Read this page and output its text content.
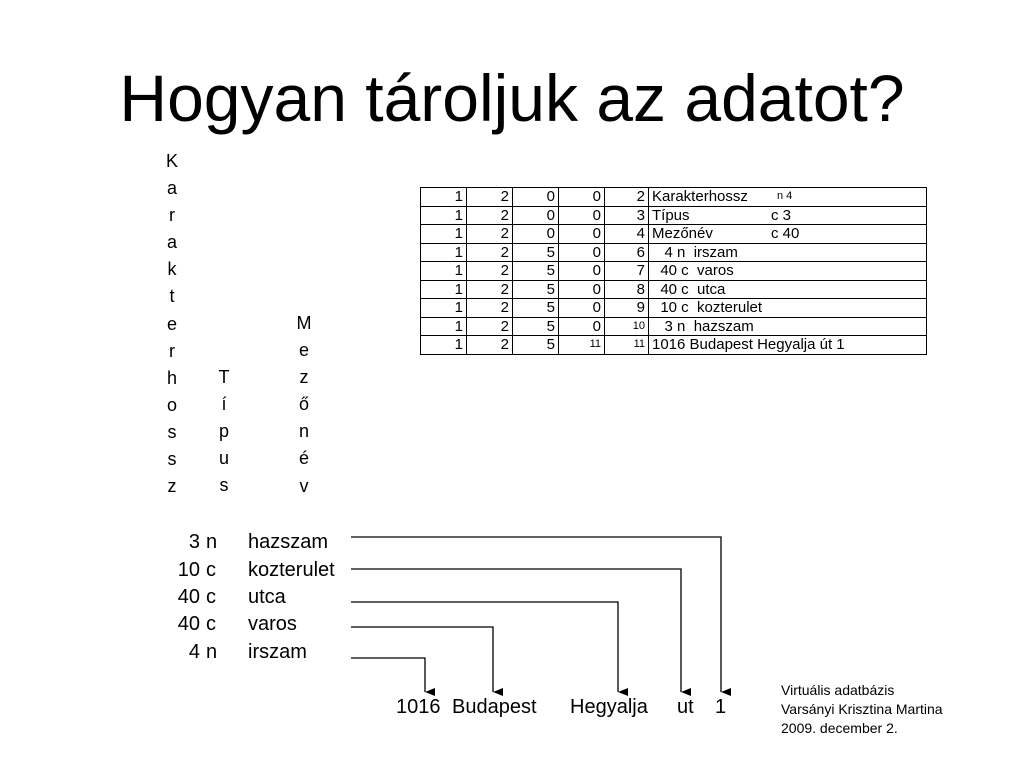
Hogyan tároljuk az adatot?
K
a
r
a
k
t
e
r
h
o
s
s
z
T
í
p
u
s
M
e
z
ő
n
é
v
1	2	0	0	2	Karakterhossz n 4

1	2	0	0	3	Típus c 3

1	2	0	0	4	Mezőnév c 40

1	2	5	0	6	4 n  irszam
1	2	5	0	7	40 c  varos
1	2	5	0	8	40 c  utca
1	2	5	0	9	10 c  kozterulet
1	2	5	0	10	3 n  hazszam
1	2	5	11	11	1016 Budapest Hegyalja út 1
3 n hazszam
10 c kozterulet
40 c utca
40 c varos
4 n irszam
1016 Budapest Hegyalja ut 1
Virtuális adatbázis
Varsányi Krisztina Martina
2009. december 2.
